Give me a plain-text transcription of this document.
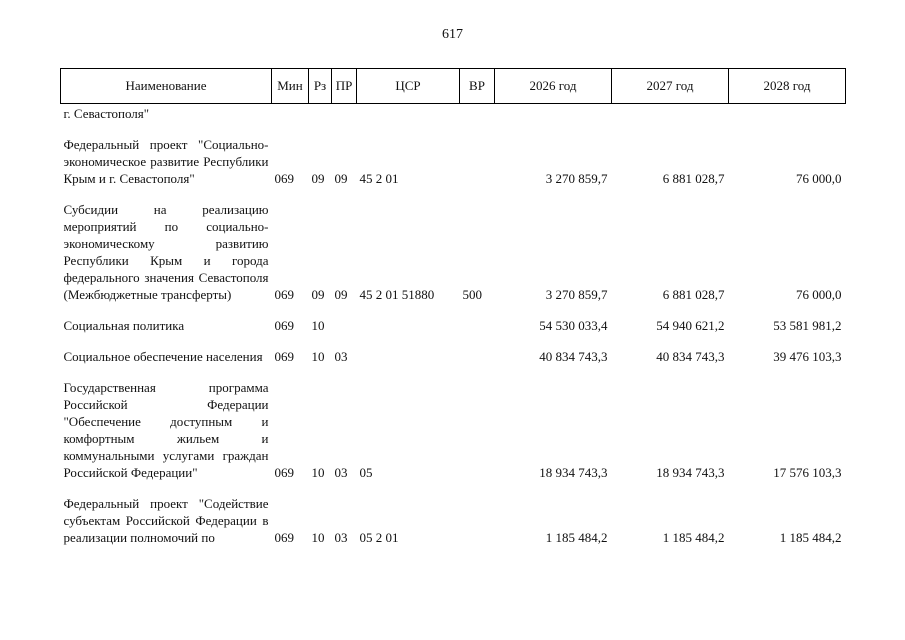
617
Наименование	Мин	Рз	ПР	ЦСР	ВР	2026 год	2027 год	2028 год
г. Севастополя"								
Федеральный проект "Социально-экономическое развитие Республики Крым и г. Севастополя"	069	09	09	45 2 01		3 270 859,7	6 881 028,7	76 000,0
Субсидии на реализацию мероприятий по социально-экономическому развитию Республики Крым и города федерального значения Севастополя (Межбюджетные трансферты)	069	09	09	45 2 01 51880	500	3 270 859,7	6 881 028,7	76 000,0
Социальная политика	069	10				54 530 033,4	54 940 621,2	53 581 981,2
Социальное обеспечение населения	069	10	03			40 834 743,3	40 834 743,3	39 476 103,3
Государственная программа Российской Федерации "Обеспечение доступным и комфортным жильем и коммунальными услугами граждан Российской Федерации"	069	10	03	05		18 934 743,3	18 934 743,3	17 576 103,3
Федеральный проект "Содействие субъектам Российской Федерации в реализации полномочий по	069	10	03	05 2 01		1 185 484,2	1 185 484,2	1 185 484,2
